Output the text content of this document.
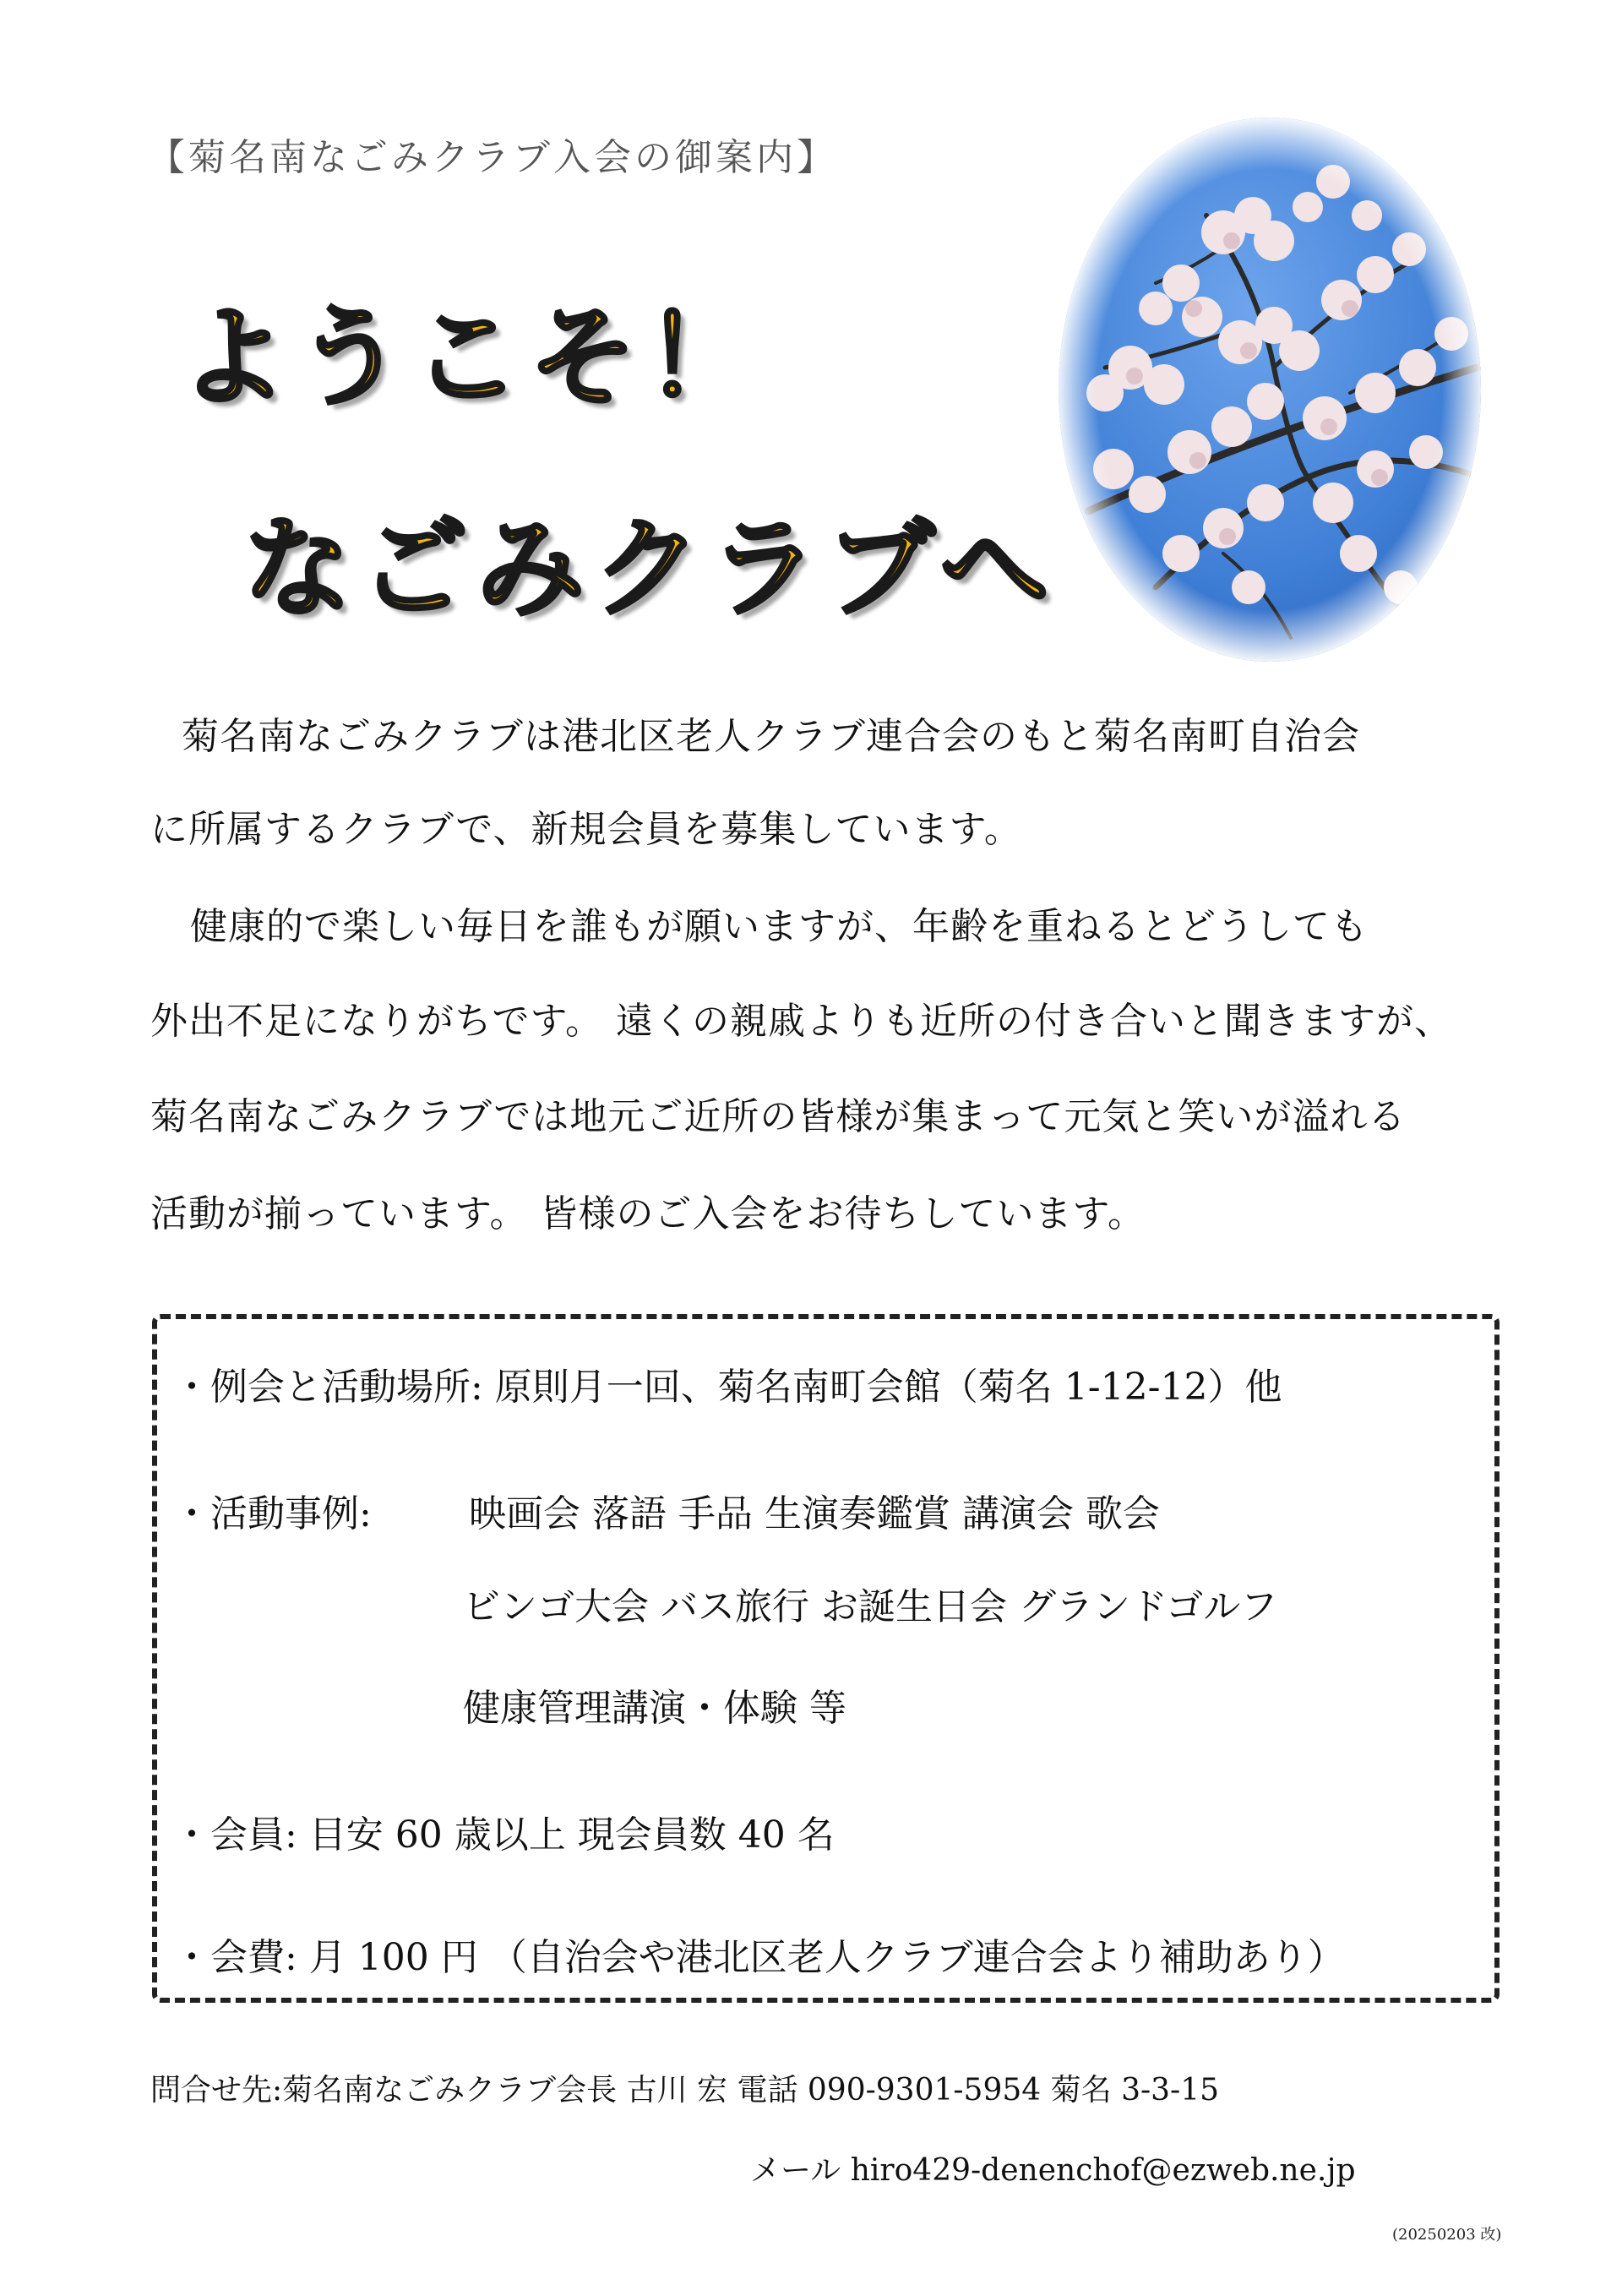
【菊名南なごみクラブ入会の御案内】
ようこそ！
なごみクラブへ
菊名南なごみクラブは港北区老人クラブ連合会のもと菊名南町自治会
に所属するクラブで、新規会員を募集しています。
健康的で楽しい毎日を誰もが願いますが、年齢を重ねるとどうしても
外出不足になりがちです。 遠くの親戚よりも近所の付き合いと聞きますが、
菊名南なごみクラブでは地元ご近所の皆様が集まって元気と笑いが溢れる
活動が揃っています。 皆様のご入会をお待ちしています。
・例会と活動場所: 原則月一回、菊名南町会館（菊名 1-12-12）他
・活動事例:	映画会 落語 手品 生演奏鑑賞 講演会 歌会
ビンゴ大会 バス旅行 お誕生日会 グランドゴルフ
健康管理講演・体験 等
・会員: 目安 60 歳以上 現会員数 40 名
・会費: 月 100 円 （自治会や港北区老人クラブ連合会より補助あり）
問合せ先:菊名南なごみクラブ会長 古川 宏 電話 090-9301-5954 菊名 3-3-15
メール hiro429-denenchof@ezweb.ne.jp
(20250203 改)
